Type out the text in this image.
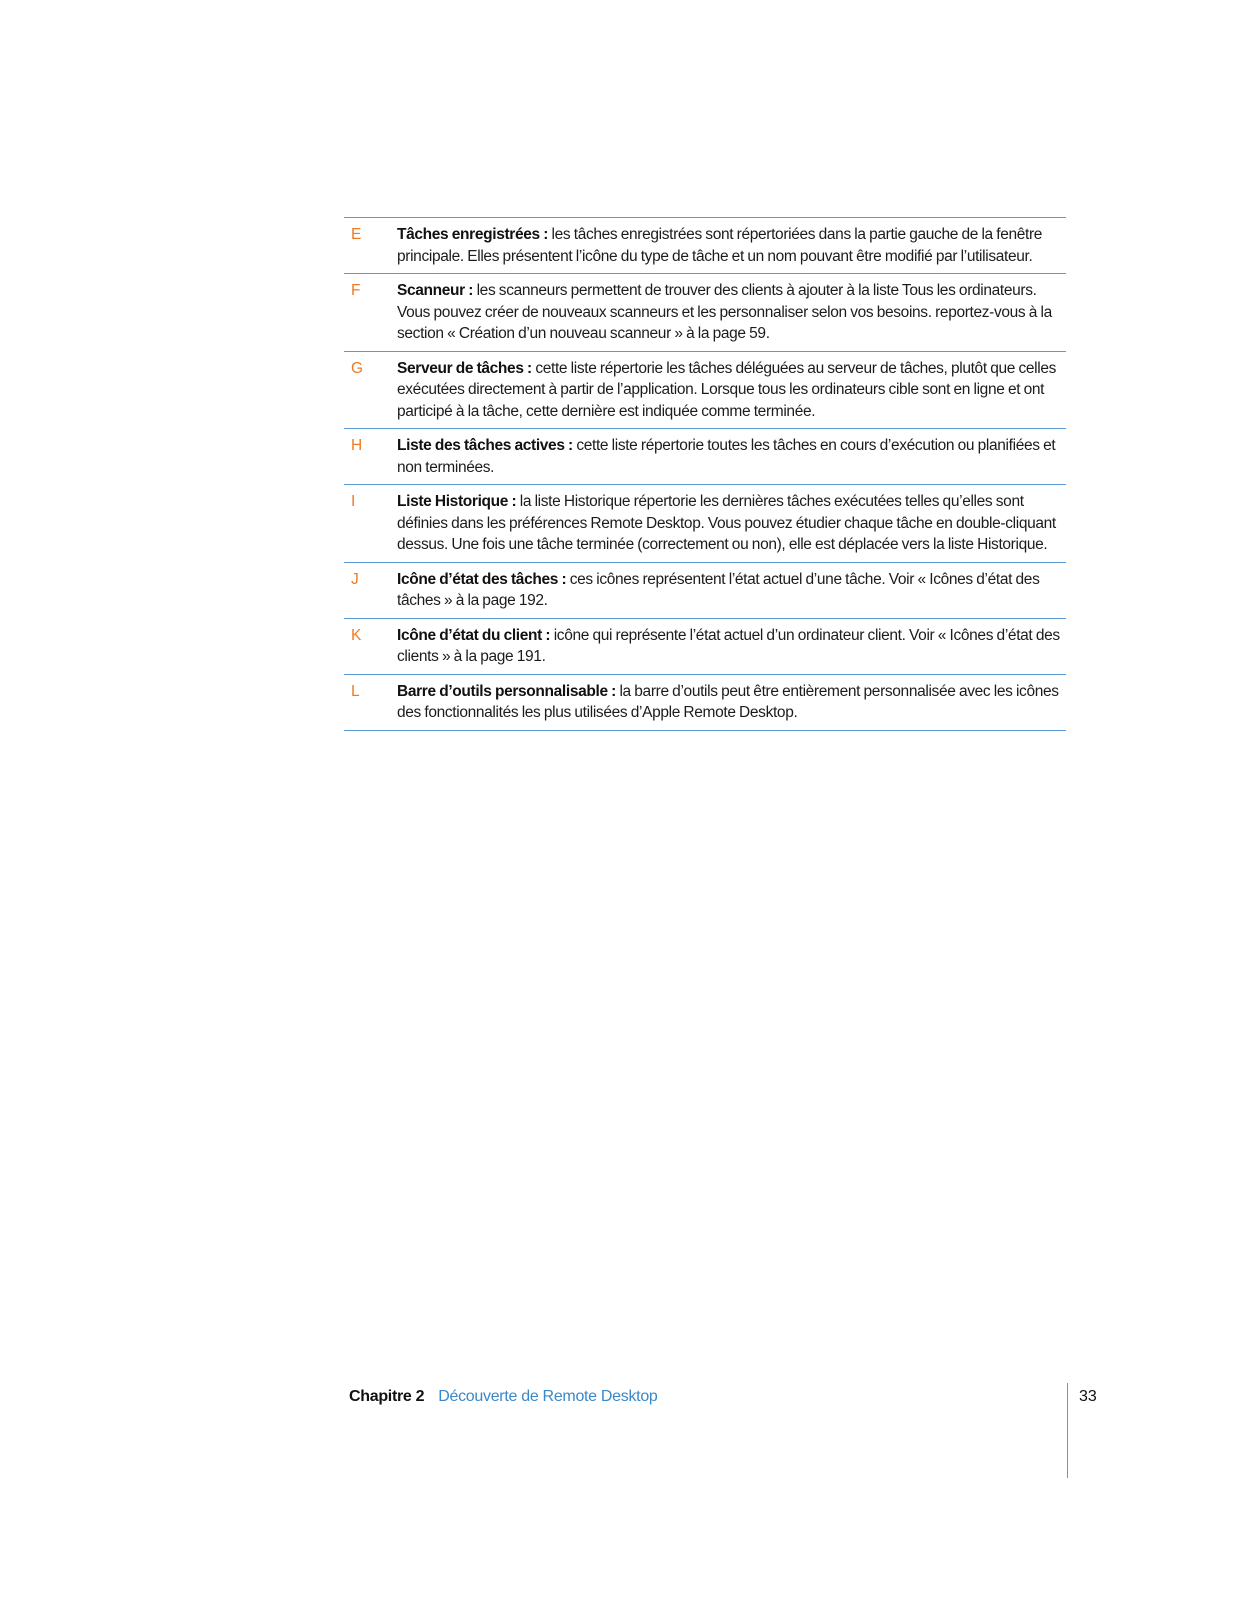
E	Tâches enregistrées : les tâches enregistrées sont répertoriées dans la partie gauche de la fenêtre principale. Elles présentent l’icône du type de tâche et un nom pouvant être modifié par l’utilisateur.
F	Scanneur : les scanneurs permettent de trouver des clients à ajouter à la liste Tous les ordinateurs. Vous pouvez créer de nouveaux scanneurs et les personnaliser selon vos besoins. reportez-vous à la section « Création d’un nouveau scanneur » à la page 59.
G	Serveur de tâches : cette liste répertorie les tâches déléguées au serveur de tâches, plutôt que celles exécutées directement à partir de l’application. Lorsque tous les ordinateurs cible sont en ligne et ont participé à la tâche, cette dernière est indiquée comme terminée.
H	Liste des tâches actives : cette liste répertorie toutes les tâches en cours d’exécution ou planifiées et non terminées.
I	Liste Historique : la liste Historique répertorie les dernières tâches exécutées telles qu’elles sont définies dans les préférences Remote Desktop. Vous pouvez étudier chaque tâche en double-cliquant dessus. Une fois une tâche terminée (correctement ou non), elle est déplacée vers la liste Historique.
J	Icône d’état des tâches : ces icônes représentent l’état actuel d’une tâche. Voir « Icônes d’état des tâches » à la page 192.
K	Icône d’état du client : icône qui représente l’état actuel d’un ordinateur client. Voir « Icônes d’état des clients » à la page 191.
L	Barre d’outils personnalisable : la barre d’outils peut être entièrement personnalisée avec les icônes des fonctionnalités les plus utilisées d’Apple Remote Desktop.
Chapitre 2 Découverte de Remote Desktop	33
